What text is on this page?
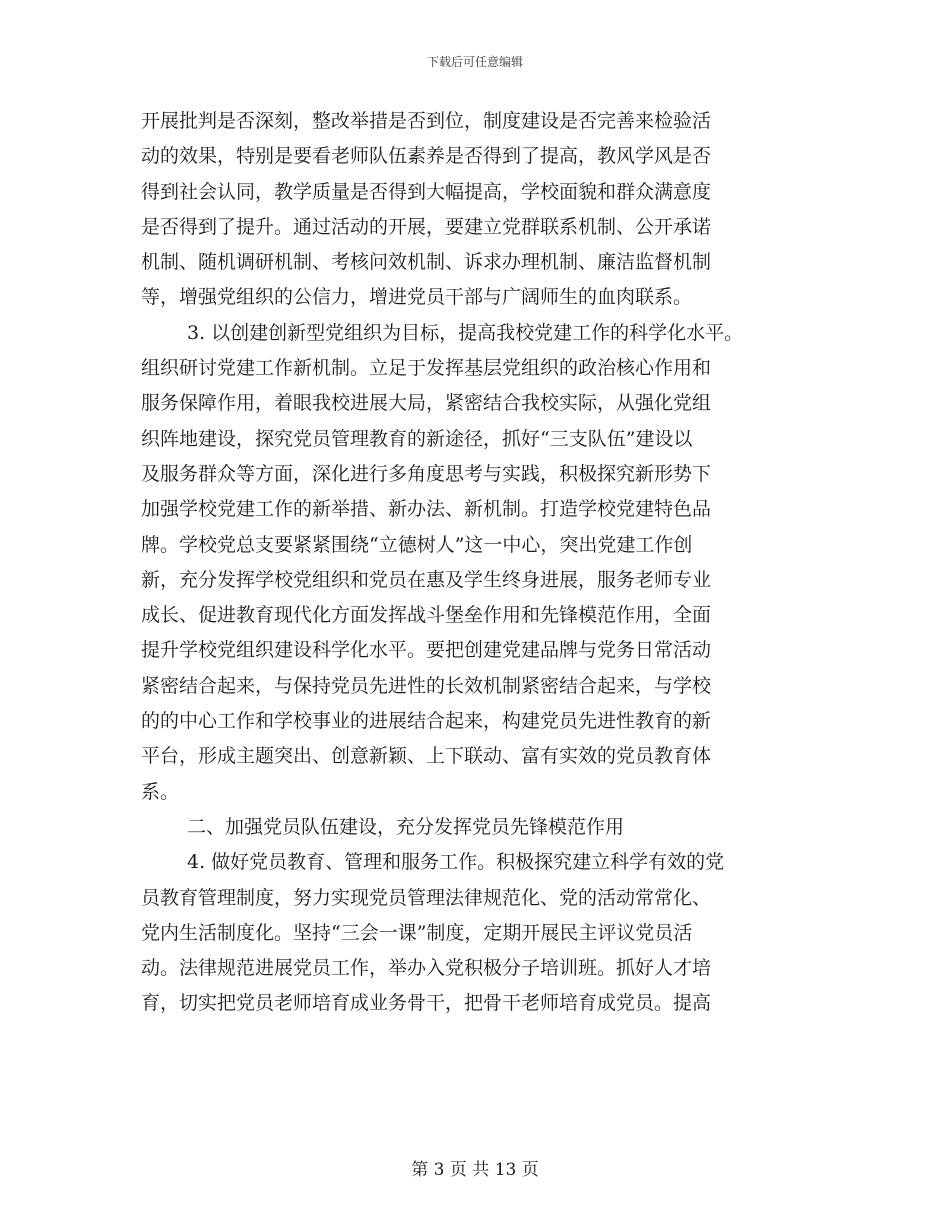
下载后可任意编辑
开展批判是否深刻，整改举措是否到位，制度建设是否完善来检验活
动的效果，特别是要看老师队伍素养是否得到了提高，教风学风是否
得到社会认同，教学质量是否得到大幅提高，学校面貌和群众满意度
是否得到了提升。通过活动的开展，要建立党群联系机制、公开承诺
机制、随机调研机制、考核问效机制、诉求办理机制、廉洁监督机制
等，增强党组织的公信力，增进党员干部与广阔师生的血肉联系。
3. 以创建创新型党组织为目标，提高我校党建工作的科学化水平。
组织研讨党建工作新机制。立足于发挥基层党组织的政治核心作用和
服务保障作用，着眼我校进展大局，紧密结合我校实际，从强化党组
织阵地建设，探究党员管理教育的新途径，抓好“三支队伍”建设以
及服务群众等方面，深化进行多角度思考与实践，积极探究新形势下
加强学校党建工作的新举措、新办法、新机制。打造学校党建特色品
牌。学校党总支要紧紧围绕“立德树人”这一中心，突出党建工作创
新，充分发挥学校党组织和党员在惠及学生终身进展，服务老师专业
成长、促进教育现代化方面发挥战斗堡垒作用和先锋模范作用，全面
提升学校党组织建设科学化水平。要把创建党建品牌与党务日常活动
紧密结合起来，与保持党员先进性的长效机制紧密结合起来，与学校
的的中心工作和学校事业的进展结合起来，构建党员先进性教育的新
平台，形成主题突出、创意新颖、上下联动、富有实效的党员教育体
系。
二、加强党员队伍建设，充分发挥党员先锋模范作用
4. 做好党员教育、管理和服务工作。积极探究建立科学有效的党
员教育管理制度，努力实现党员管理法律规范化、党的活动常常化、
党内生活制度化。坚持“三会一课”制度，定期开展民主评议党员活
动。法律规范进展党员工作，举办入党积极分子培训班。抓好人才培
育，切实把党员老师培育成业务骨干，把骨干老师培育成党员。提高
第 3 页 共 13 页
